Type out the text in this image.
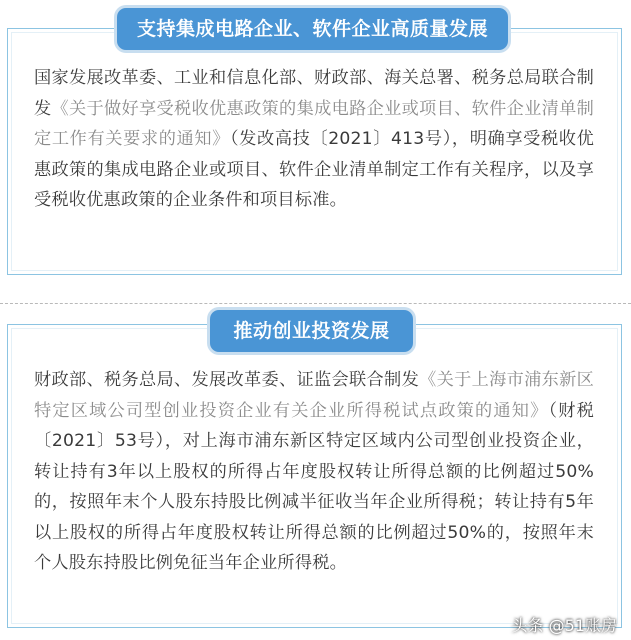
支持集成电路企业、软件企业高质量发展

国家发展改革委、工业和信息化部、财政部、海关总署、税务总局联合制发《关于做好享受税收优惠政策的集成电路企业或项目、软件企业清单制定工作有关要求的通知》（发改高技〔2021〕413号），明确享受税收优惠政策的集成电路企业或项目、软件企业清单制定工作有关程序，以及享受税收优惠政策的企业条件和项目标准。

推动创业投资发展

财政部、税务总局、发展改革委、证监会联合制发《关于上海市浦东新区特定区域公司型创业投资企业有关企业所得税试点政策的通知》（财税〔2021〕53号），对上海市浦东新区特定区域内公司型创业投资企业，转让持有3年以上股权的所得占年度股权转让所得总额的比例超过50%的，按照年末个人股东持股比例减半征收当年企业所得税；转让持有5年以上股权的所得占年度股权转让所得总额的比例超过50%的，按照年末个人股东持股比例免征当年企业所得税。

头条 @51账房
